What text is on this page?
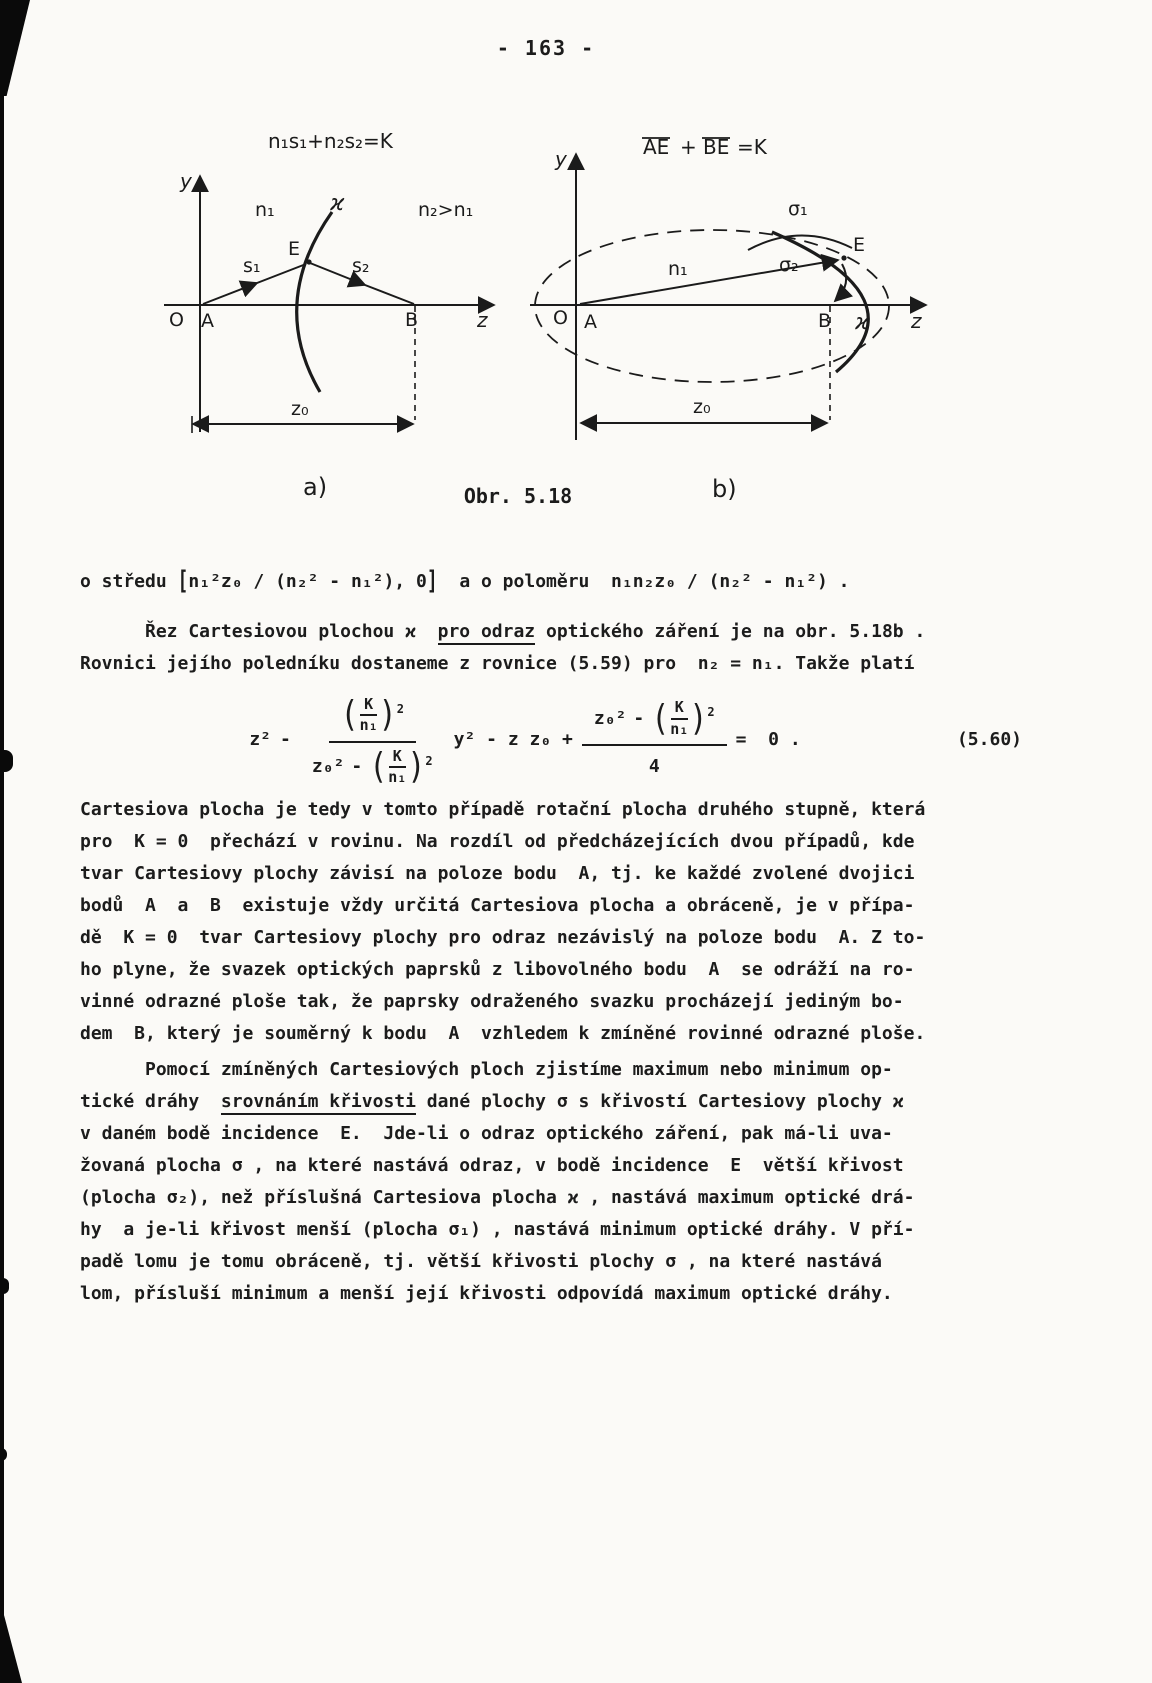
- 163 -
n₁s₁+n₂s₂=K
y
z
n₁	ϰ	n₂>n₁
E
s₁	s₂
O A	B
z₀
a)
AE + BE =K
y
z
n₁
σ₁
σ₂
E
O A	B ϰ
z₀
b)
Obr. 5.18
o středu [n₁²z₀ / (n₂² - n₁²), 0]  a o poloměru  n₁n₂z₀ / (n₂² - n₁²) .
Řez Cartesiovou plochou ϰ  pro odraz optického záření je na obr. 5.18b .
Rovnici jejího poledníku dostaneme z rovnice (5.59) pro  n₂ = n₁. Takže platí
z² - ( K
n₁ ) 2
z₀² - ( K
n₁ ) 2 y² - z z₀ + z₀² - ( K
n₁ ) 2
4 =  0 .	(5.60)
Cartesiova plocha je tedy v tomto případě rotační plocha druhého stupně, která
pro  K = 0  přechází v rovinu. Na rozdíl od předcházejících dvou případů, kde
tvar Cartesiovy plochy závisí na poloze bodu  A, tj. ke každé zvolené dvojici
bodů  A  a  B  existuje vždy určitá Cartesiova plocha a obráceně, je v přípa-
dě  K = 0  tvar Cartesiovy plochy pro odraz nezávislý na poloze bodu  A. Z to-
ho plyne, že svazek optických paprsků z libovolného bodu  A  se odráží na ro-
vinné odrazné ploše tak, že paprsky odraženého svazku procházejí jediným bo-
dem  B, který je souměrný k bodu  A  vzhledem k zmíněné rovinné odrazné ploše.
Pomocí zmíněných Cartesiových ploch zjistíme maximum nebo minimum op-
tické dráhy  srovnáním křivosti dané plochy σ s křivostí Cartesiovy plochy ϰ
v daném bodě incidence  E.  Jde-li o odraz optického záření, pak má-li uva-
žovaná plocha σ , na které nastává odraz, v bodě incidence  E  větší křivost
(plocha σ₂), než příslušná Cartesiova plocha ϰ , nastává maximum optické drá-
hy  a je-li křivost menší (plocha σ₁) , nastává minimum optické dráhy. V pří-
padě lomu je tomu obráceně, tj. větší křivosti plochy σ , na které nastává
lom, přísluší minimum a menší její křivosti odpovídá maximum optické dráhy.
